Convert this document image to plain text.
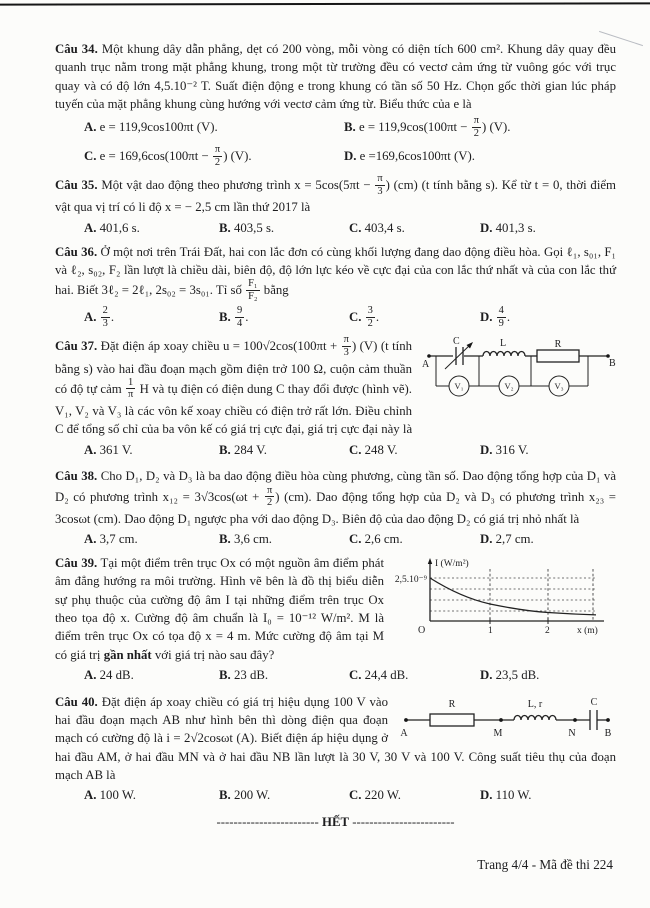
Câu 34. Một khung dây dẫn phẳng, dẹt có 200 vòng, mỗi vòng có diện tích 600 cm². Khung dây quay đều quanh trục nằm trong mặt phẳng khung, trong một từ trường đều có vectơ cảm ứng từ vuông góc với trục quay và có độ lớn 4,5.10⁻² T. Suất điện động e trong khung có tần số 50 Hz. Chọn gốc thời gian lúc pháp tuyến của mặt phẳng khung cùng hướng với vectơ cảm ứng từ. Biểu thức của e là

A. e = 119,9cos100πt (V).	B. $e = 119,9\cos(100\pi t - \frac{\pi}{2}$ ) (V).
C. $e = 169,6\cos(100\pi t - \frac{\pi}{2}$ ) (V).	D. e =169,6cos100πt (V).

Câu 35. Một vật dao động theo phương trình $x = 5\cos(5\pi t - \frac{\pi}{3}$ ) (cm) (t tính bằng s). Kể từ t = 0, thời điểm vật qua vị trí có li độ x = − 2,5 cm lần thứ 2017 là

A. 401,6 s.	B. 403,5 s.	C. 403,4 s.	D. 401,3 s.

Câu 36. Ở một nơi trên Trái Đất, hai con lắc đơn có cùng khối lượng đang dao động điều hòa. Gọi ℓ₁, s₀₁, F₁ và ℓ₂, s₀₂, F₂ lần lượt là chiều dài, biên độ, độ lớn lực kéo về cực đại của con lắc thứ nhất và của con lắc thứ hai. Biết 3ℓ₂ = 2ℓ₁, 2s₀₂ = 3s₀₁. Tỉ số $\frac{\text{F₁}}{\text{F₂}}$ bằng

A. $\frac{2}{3}$ .	B. $\frac{9}{4}$ .	C. $\frac{3}{2}$ .	D. $\frac{4}{9}$ .
V₁	V₂	V₃
C	L	R
A	B

Câu 37. Đặt điện áp xoay chiều $u = 100√2\cos(100\pi t + \frac{\pi}{3}$ ) (V) (t tính bằng s) vào hai đầu đoạn mạch gồm điện trở 100 Ω, cuộn cảm thuần có độ tự cảm $\frac{1}{\pi}$ H và tụ điện có điện dung C thay đổi được (hình vẽ). V₁, V₂ và V₃ là các vôn kế xoay chiều có điện trở rất lớn. Điều chỉnh C để tổng số chỉ của ba vôn kế có giá trị cực đại, giá trị cực đại này là

A. 361 V.	B. 284 V.	C. 248 V.	D. 316 V.

Câu 38. Cho D₁, D₂ và D₃ là ba dao động điều hòa cùng phương, cùng tần số. Dao động tổng hợp của D₁ và D₂ có phương trình $x_{12} = 3√3\cos(\omega t + \frac{\pi}{2}$ ) (cm). Dao động tổng hợp của D₂ và D₃ có phương trình x₂₃ = 3cosωt (cm). Dao động D₁ ngược pha với dao động D₃. Biên độ của dao động D₂ có giá trị nhỏ nhất là

A. 3,7 cm.	B. 3,6 cm.	C. 2,6 cm.	D. 2,7 cm.
I (W/m²)
2,5.10⁻⁹
O	1	2	x (m)

Câu 39. Tại một điểm trên trục Ox có một nguồn âm điểm phát âm đẳng hướng ra môi trường. Hình vẽ bên là đồ thị biểu diễn sự phụ thuộc của cường độ âm I tại những điểm trên trục Ox theo tọa độ x. Cường độ âm chuẩn là I₀ = 10⁻¹² W/m². M là điểm trên trục Ox có tọa độ x = 4 m. Mức cường độ âm tại M có giá trị gần nhất với giá trị nào sau đây?

A. 24 dB.	B. 23 dB.	C. 24,4 dB.	D. 23,5 dB.
R	L, r	C
A	M	N	B

Câu 40. Đặt điện áp xoay chiều có giá trị hiệu dụng 100 V vào hai đầu đoạn mạch AB như hình bên thì dòng điện qua đoạn mạch có cường độ là i = 2√2cosωt (A). Biết điện áp hiệu dụng ở hai đầu AM, ở hai đầu MN và ở hai đầu NB lần lượt là 30 V, 30 V và 100 V. Công suất tiêu thụ của đoạn mạch AB là

A. 100 W.	B. 200 W.	C. 220 W.	D. 110 W.
------------------------ HẾT ------------------------
Trang 4/4 - Mã đề thi 224
